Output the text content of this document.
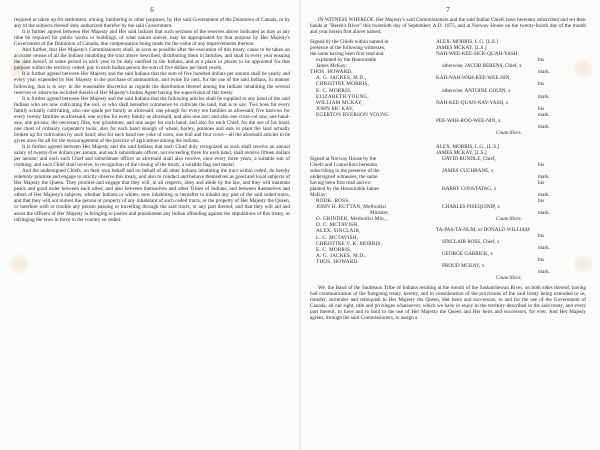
6

required or taken up for settlement, mining, lumbering or other purposes, by Her said Government of the Dominion of Canada, or by any of the subjects thereof duly authorized therefor by the said Government.

It is further agreed between Her Majesty and Her said Indians that such sections of the reserves above indicated as may at any time be required for public works or buildings, of what nature soever, may be appropriated for that purpose by Her Majesty's Government of the Dominion of Canada, due compensation being made for the value of any improvements thereon.

And further, that Her Majesty's Commissioners shall, as soon as possible after the execution of this treaty, cause to be taken an accurate census of all the Indians inhabiting the tract above described, distributing them in families, and shall in every year ensuing the date hereof, at some period in each year to be duly notified to the Indians, and at a place or places to be appointed for that purpose within the territory ceded, pay to each Indian person the sum of five dollars per head yearly.

It is further agreed between Her Majesty and the said Indians that the sum of five hundred dollars per annum shall be yearly and every year expended by Her Majesty in the purchase of ammunition, and twine for nets, for the use of the said Indians, in manner following, that is to say: in the reasonable discretion as regards the distribution thereof among the Indians inhabiting the several reserves or otherwise included therein of Her Majesty's Indian Agent having the supervision of this treaty.

It is further agreed between Her Majesty and the said Indians that the following articles shall be supplied to any band of the said Indians who are now cultivating the soil, or who shall hereafter commence to cultivate the land, that is to say: Two hoes for every family actually cultivating, also one spade per family as aforesaid, one plough for every ten families as aforesaid, five harrows for every twenty families as aforesaid, one scythe for every family as aforesaid, and also one axe; and also one cross-cut saw, one hand-saw, one pit-saw, the necessary files, one grindstone, and one auger for each band; and also for each Chief, for the use of his band, one chest of ordinary carpenter's tools; also for each band enough of wheat, barley, potatoes and oats to plant the land actually broken up for cultivation by such band; also for each band one yoke of oxen, one bull and four cows—all the aforesaid articles to be given once for all for the encouragement of the practice of agriculture among the Indians.

It is further agreed between Her Majesty and the said Indians that each Chief duly recognized as such shall receive an annual salary of twenty-five dollars per annum, and each subordinate officer, not exceeding three for each band, shall receive fifteen dollars per annum; and each such Chief and subordinate officer as aforesaid shall also receive, once every three years, a suitable suit of clothing; and each Chief shall receive, in recognition of the closing of the treaty, a suitable flag and medal.

And the undersigned Chiefs, on their own behalf and on behalf of all other Indians inhabiting the tract within ceded, do hereby solemnly promise and engage to strictly observe this treaty, and also to conduct and behave themselves as good and loyal subjects of Her Majesty the Queen. They promise and engage that they will, in all respects, obey and abide by the law, and they will maintain peace and good order between each other, and also between themselves and other Tribes of Indians, and between themselves and others of Her Majesty's subjects, whether Indians or whites, now inhabiting or hereafter to inhabit any part of the said ceded tracts, and that they will not molest the person or property of any inhabitant of such ceded tracts, or the property of Her Majesty the Queen, or interfere with or trouble any person passing or travelling through the said tracts, or any part thereof, and that they will aid and assist the officers of Her Majesty in bringing to justice and punishment any Indian offending against the stipulations of this treaty, or infringing the laws in force in the country so ceded.

7

IN WITNESS WHEREOF, Her Majesty's said Commissioners and the said Indian Chiefs have hereunto subscribed and set their hands at "Beren's River" this twentieth day of September, A.D. 1875, and at Norway House on the twenty-fourth day of the month and year herein first above named.

Signed by the Chiefs within named in
presence of the following witnesses,
the same having been first read and
explained by the Honourable
James McKay:
THOS. HOWARD,
A. G. JACKES, M.D.,
CHRISTINE MORRIS,
E. C. MORRIS,
ELIZABETH YOUNG,
WILLIAM MCKAY,
JOHN MC KAY,
EGERTON RYERSON YOUNG
ALEX. MORRIS, L.G. [L.S.]
JAMES MCKAY, [L.S.]
NAH-WEE-KEE-SICK-QUAH-YASH,
his
otherwise, JACOB BERENS, Chief, x
mark.
KAH-NAH-WAH-KEE-WEE-NIN,
his
otherwise, ANTOINE GOUIN, x
mark.
NAH-KEE-QUAN-NAY-YASH, x
his
mark.
PEE-WAH-ROO-WEE-NIN, x
mark.
Councillors.
Signed at Norway House by the
Chiefs and Councillors hereunto
subscribing in the presence of the
undersigned witnesses, the same
having been first read and ex-
plained by the Honourable James
McKay:
RODK. ROSS,
JOHN H. RUTTAN, Methodist
Minister,
O. GRINDER, Methodist Min.,
D. C. MCTAVISH,
ALEX. SINCLAIR,
L. C. MCTAVISH,
CHRISTINE V. K. MORRIS,
E. C. MORRIS,
A. G. JACKES, M.D.,
THOS. HOWARD.
ALEX. MORRIS, L.G., [L.S.]
JAMES MCKAY, [L.S.]
DAVID RUNDLE, Chief,
his
JAMES CUCHRANE, x
mark.
his
HARRY CONSTATAG, x
mark.
his
CHARLES PISEQUINIP, x
mark.
Councillors.
TA-PAS-TA-NUM, or DONALD WILLIAM
his
SINCLAIR ROSS, Chief, x
mark.
GEORGE GARRICK, x
his
PROUD MCKAY, x
mark.
Councillors.

We, the Band of the Saulteaux Tribe of Indians residing at the mouth of the Saskatchewan River, on both sides thereof, having had communication of the foregoing treaty, hereby, and in consideration of the provisions of the said treaty being extended to us, transfer, surrender and relinquish to Her Majesty the Queen, Her heirs and successors, to and for the use of the Government of Canada, all our right, title and privileges whatsoever, which we have or enjoy in the territory described in the said treaty, and every part thereof, to have and to hold to the use of Her Majesty the Queen and Her heirs and successors, for ever. And Her Majesty agrees, through the said Commissioners, to assign a
